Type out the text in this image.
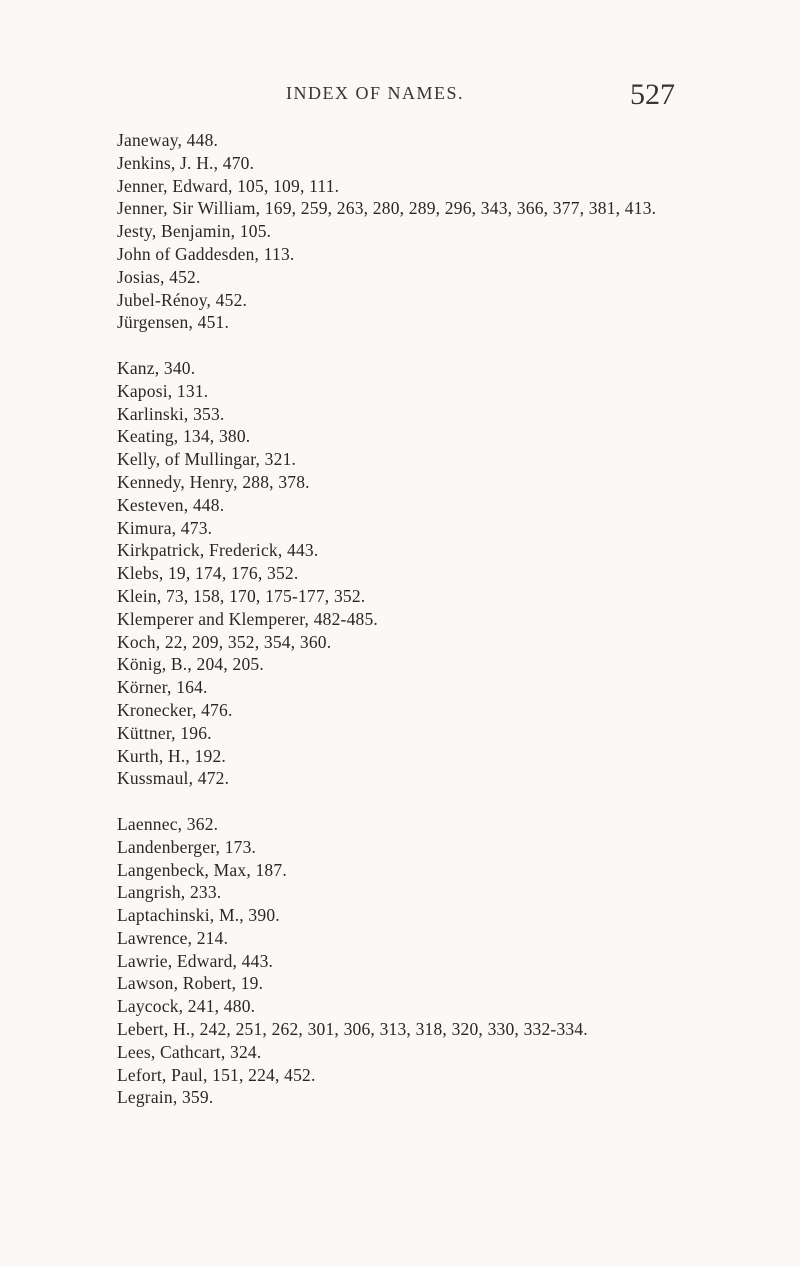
INDEX OF NAMES.	527
Janeway, 448.
Jenkins, J. H., 470.
Jenner, Edward, 105, 109, 111.
Jenner, Sir William, 169, 259, 263, 280, 289, 296, 343, 366, 377, 381, 413.
Jesty, Benjamin, 105.
John of Gaddesden, 113.
Josias, 452.
Jubel-Rénoy, 452.
Jürgensen, 451.
Kanz, 340.
Kaposi, 131.
Karlinski, 353.
Keating, 134, 380.
Kelly, of Mullingar, 321.
Kennedy, Henry, 288, 378.
Kesteven, 448.
Kimura, 473.
Kirkpatrick, Frederick, 443.
Klebs, 19, 174, 176, 352.
Klein, 73, 158, 170, 175-177, 352.
Klemperer and Klemperer, 482-485.
Koch, 22, 209, 352, 354, 360.
König, B., 204, 205.
Körner, 164.
Kronecker, 476.
Küttner, 196.
Kurth, H., 192.
Kussmaul, 472.
Laennec, 362.
Landenberger, 173.
Langenbeck, Max, 187.
Langrish, 233.
Laptachinski, M., 390.
Lawrence, 214.
Lawrie, Edward, 443.
Lawson, Robert, 19.
Laycock, 241, 480.
Lebert, H., 242, 251, 262, 301, 306, 313, 318, 320, 330, 332-334.
Lees, Cathcart, 324.
Lefort, Paul, 151, 224, 452.
Legrain, 359.
